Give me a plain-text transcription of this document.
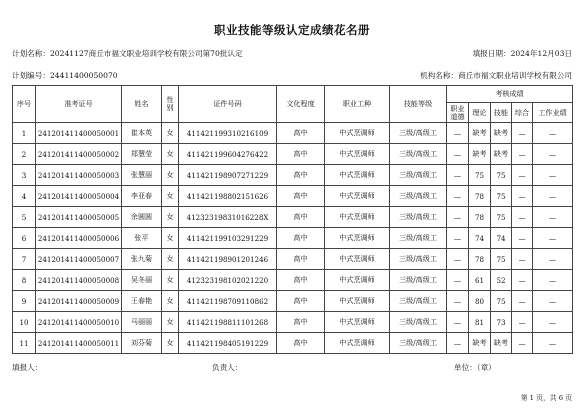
职业技能等级认定成绩花名册
计划名称：20241127商丘市福文职业培训学校有限公司第70批认定	填报日期：2024年12月03日
计划编号：24411400050070	机构名称：商丘市福文职业培训学校有限公司
序号	准考证号	姓名	性别	证件号码	文化程度	职业工种	技能等级	考核成绩				
								职业道德	理论	技能	综合	工作业绩
1	241201411400050001	崔本英	女	411421199310216109	高中	中式烹调师	三级/高级工	—	缺考	缺考	—	—
2	241201411400050002	郑慧莹	女	411421199604276422	高中	中式烹调师	三级/高级工	—	缺考	缺考	—	—
3	241201411400050003	张慧丽	女	411421198907271229	高中	中式烹调师	三级/高级工	—	75	75	—	—
4	241201411400050004	李亚春	女	411421198802151626	高中	中式烹调师	三级/高级工	—	78	75	—	—
5	241201411400050005	余圆圆	女	41232319831016228X	高中	中式烹调师	三级/高级工	—	78	75	—	—
6	241201411400050006	张平	女	411421199103291229	高中	中式烹调师	三级/高级工	—	74	74	—	—
7	241201411400050007	张九菊	女	411421198901201246	高中	中式烹调师	三级/高级工	—	78	75	—	—
8	241201411400050008	吴冬丽	女	412323198102021220	高中	中式烹调师	三级/高级工	—	61	52	—	—
9	241201411400050009	王春艳	女	411421198709110862	高中	中式烹调师	三级/高级工	—	80	75	—	—
10	241201411400050010	马丽丽	女	411421198811101268	高中	中式烹调师	三级/高级工	—	81	73	—	—
11	241201411400050011	刘芬菊	女	411421198405191229	高中	中式烹调师	三级/高级工	—	缺考	缺考	—	—
填报人：	负责人：	单位：（章）
第 1 页，共 6 页
